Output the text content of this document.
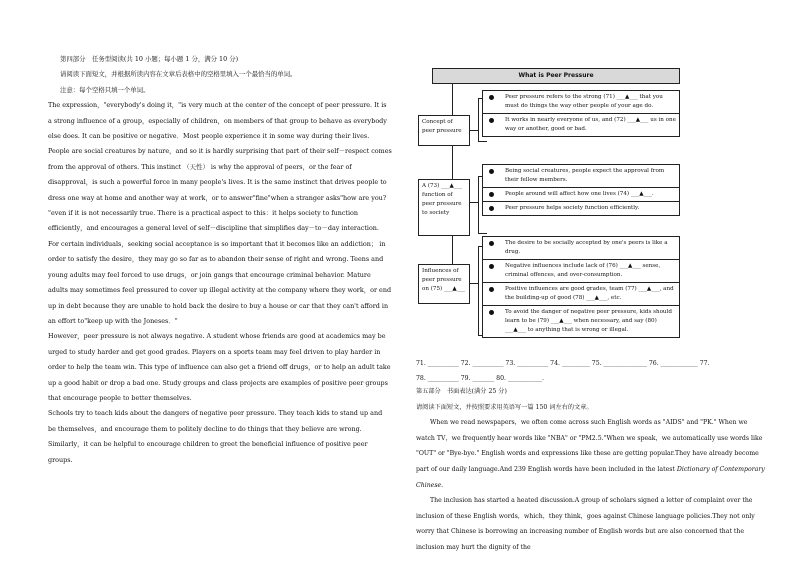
第四部分　任务型阅读(共 10 小题；每小题 1 分，满分 10 分)

请阅读下面短文，并根据所读内容在文章后表格中的空格里填入一个最恰当的单词。

注意：每个空格只填一个单词。

The expression，"everybody's doing it，"is very much at the center of the concept of peer pressure. It is a strong influence of a group，especially of children，on members of that group to behave as everybody else does. It can be positive or negative．Most people experience it in some way during their lives.

People are social creatures by nature，and so it is hardly surprising that part of their self－respect comes from the approval of others. This instinct （天性） is why the approval of peers，or the fear of disapproval，is such a powerful force in many people's lives. It is the same instinct that drives people to dress one way at home and another way at work，or to answer"fine"when a stranger asks"how are you? "even if it is not necessarily true. There is a practical aspect to this：it helps society to function efficiently，and encourages a general level of self－discipline that simplifies day－to－day interaction.

For certain individuals，seeking social acceptance is so important that it becomes like an addiction； in order to satisfy the desire，they may go so far as to abandon their sense of right and wrong. Teens and young adults may feel forced to use drugs，or join gangs that encourage criminal behavior. Mature adults may sometimes feel pressured to cover up illegal activity at the company where they work，or end up in debt because they are unable to hold back the desire to buy a house or car that they can't afford in an effort to"keep up with the Joneses．"

However，peer pressure is not always negative. A student whose friends are good at academics may be urged to study harder and get good grades. Players on a sports team may feel driven to play harder in order to help the team win. This type of influence can also get a friend off drugs，or to help an adult take up a good habit or drop a bad one. Study groups and class projects are examples of positive peer groups that encourage people to better themselves.

Schools try to teach kids about the dangers of negative peer pressure. They teach kids to stand up and be themselves，and encourage them to politely decline to do things that they believe are wrong. Similarly，it can be helpful to encourage children to greet the beneficial influence of positive peer groups.

What is Peer Pressure
Concept of peer pressure
Peer pressure refers to the strong (71) ___▲___ that you must do things the way other people of your age do.
It works in nearly everyone of us, and (72) ___▲___ us in one way or another, good or bad.
A (73) ___▲___ function of peer pressure to society
Being social creatures, people expect the approval from their fellow members.
People around will affect how one lives (74) ___▲___.
Peer pressure helps society function efficiently.
Influences of peer pressure on (75) ___▲___
The desire to be socially accepted by one's peers is like a drug.
Negative influences include lack of (76) ___▲___ sense, criminal offences, and over-consumption.
Positive influences are good grades, team (77) ___▲___, and the building-up of good (78) ___▲___, etc.
To avoid the danger of negative peer pressure, kids should learn to be (79) ___▲___ when necessary, and say (80) ___▲___ to anything that is wrong or illegal.
71. __________ 72. __________ 73. __________ 74. _________ 75. ______________ 76. ____________ 77.
78. __________ 79. _______ 80. ___________.

第五部分　书面表达(满分 25 分)

请阅读下面短文，并按照要求用英语写一篇 150 词左右的文章。

When we read newspapers，we often come across such English words as "AIDS" and "PK." When we watch TV，we frequently hear words like "NBA" or "PM2.5."When we speak，we automatically use words like "OUT" or "Bye-bye." English words and expressions like these are getting popular.They have already become part of our daily language.And 239 English words have been included in the latest Dictionary of Contemporary Chinese.

The inclusion has started a heated discussion.A group of scholars signed a letter of complaint over the inclusion of these English words，which，they think，goes against Chinese language policies.They not only worry that Chinese is borrowing an increasing number of English words but are also concerned that the inclusion may hurt the dignity of the
